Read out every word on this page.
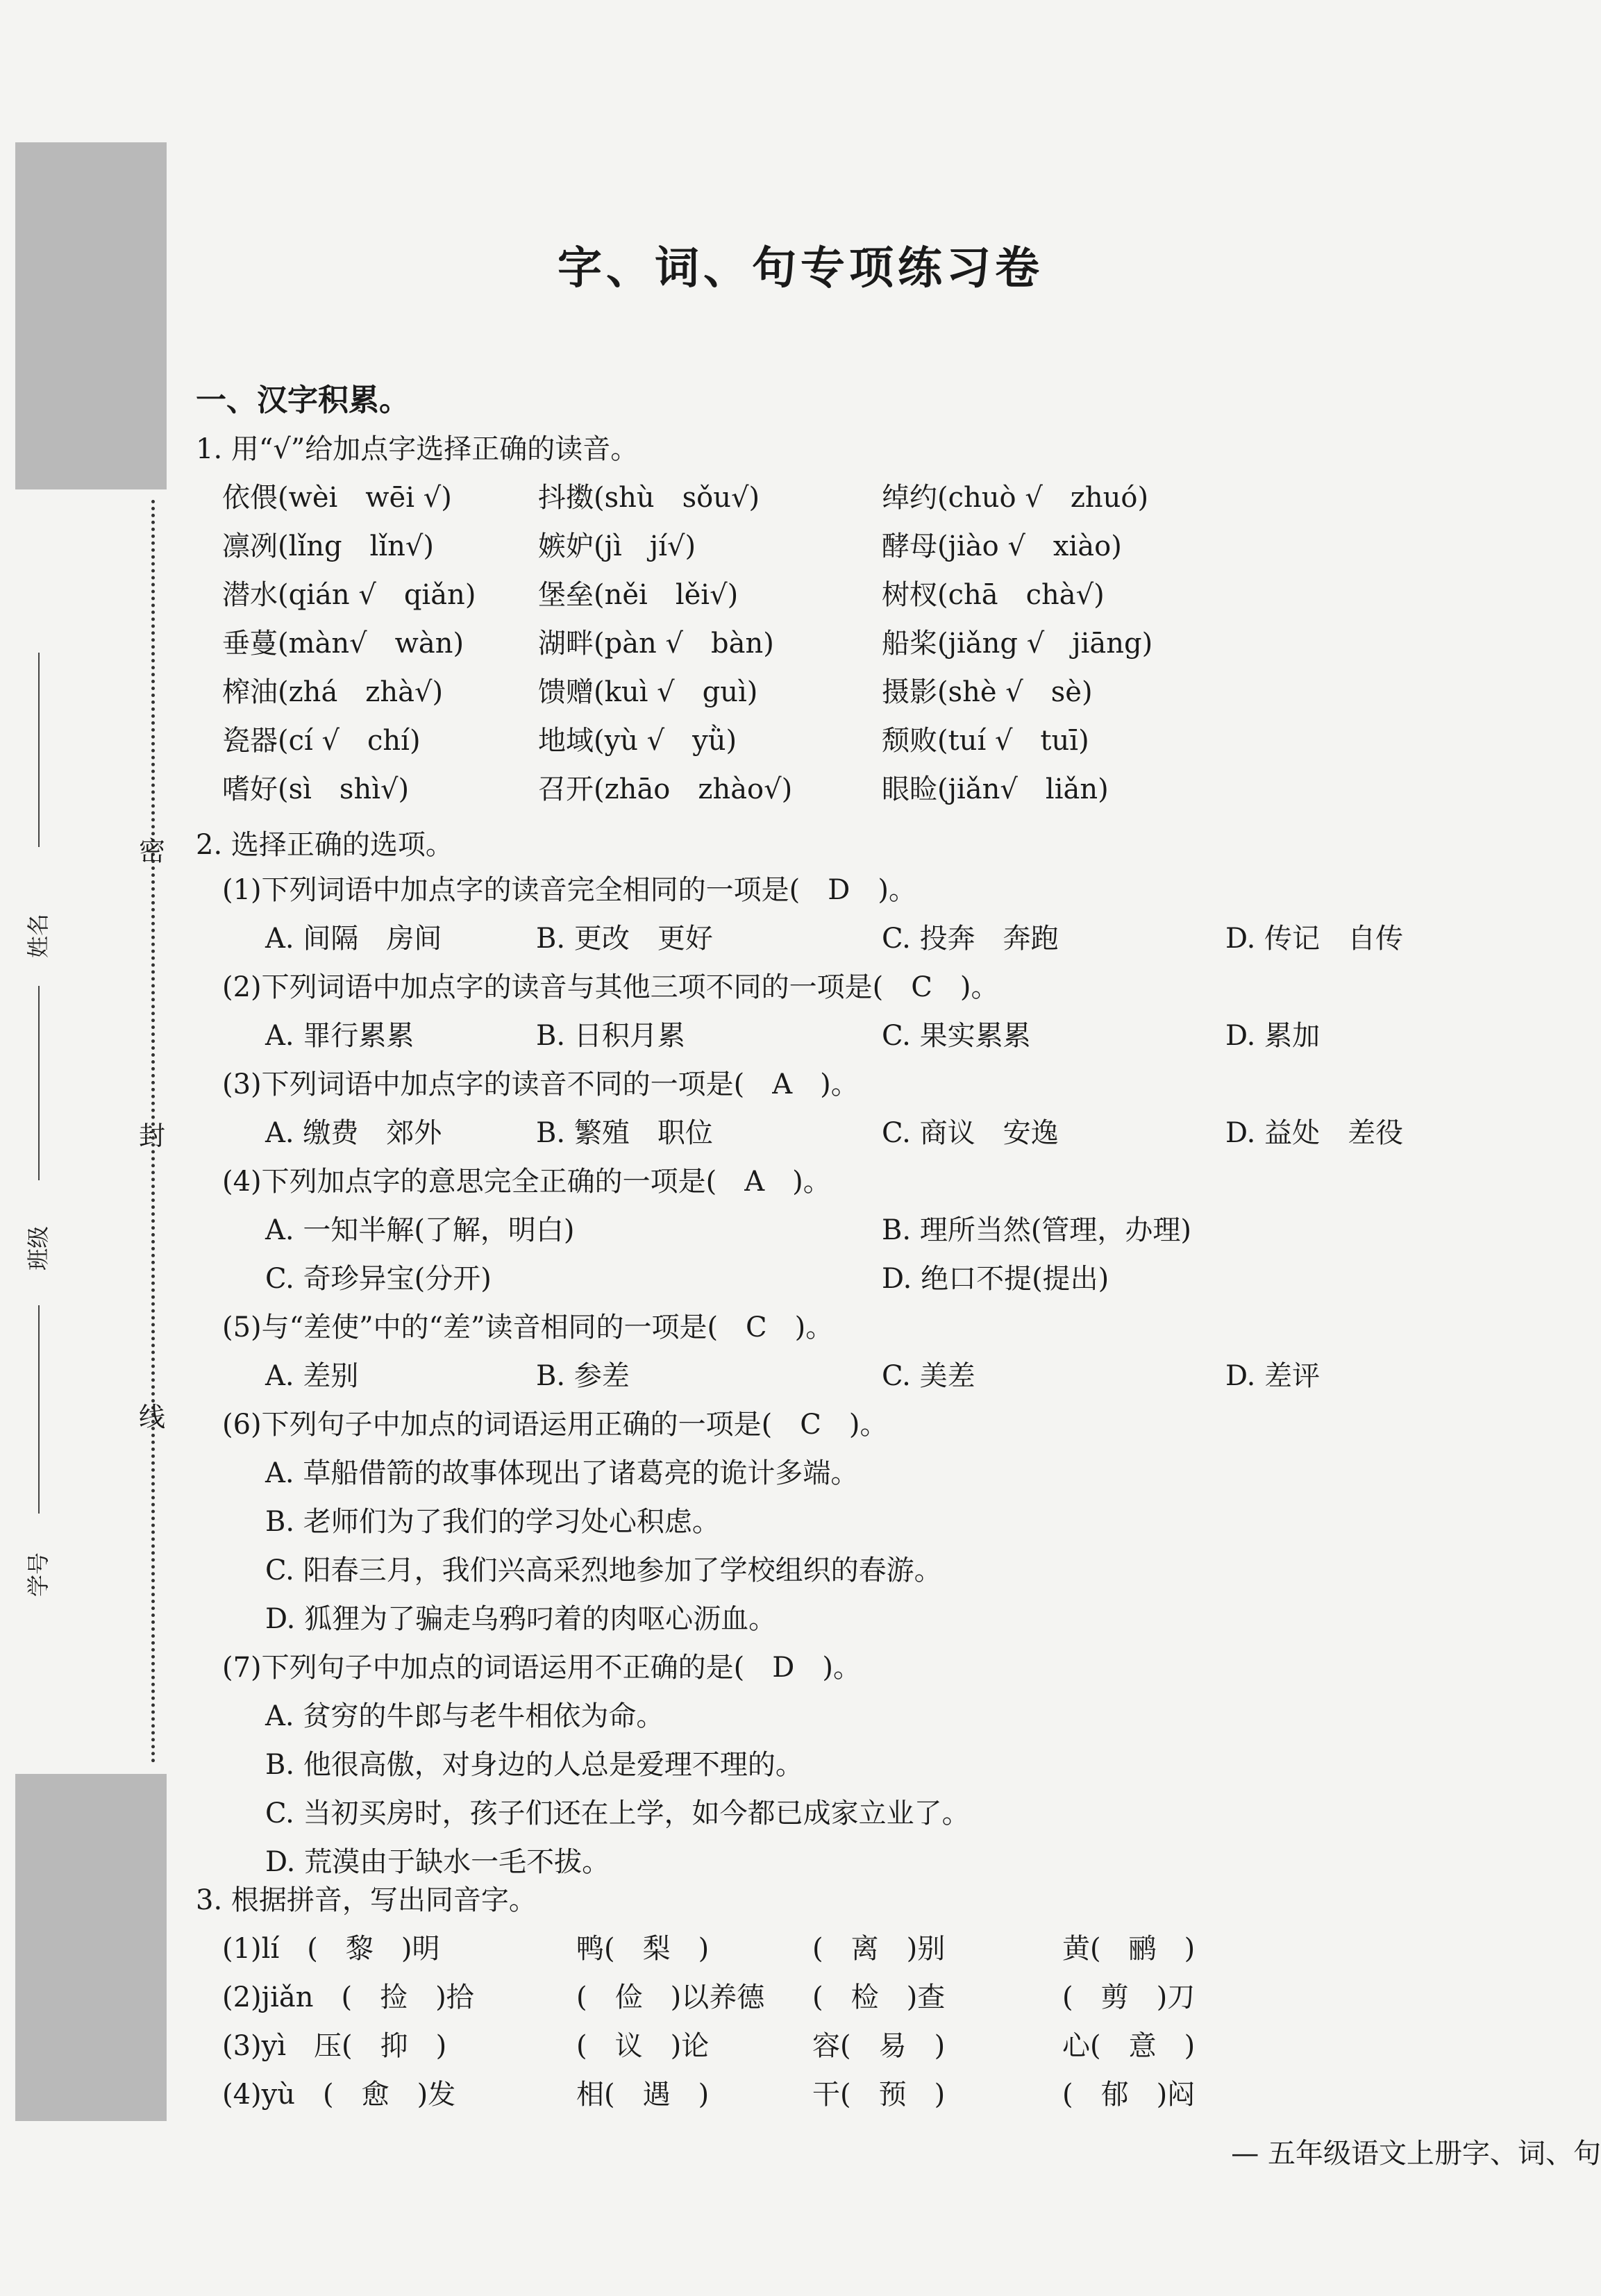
密
封
线
姓名
班级
学号
字、词、句专项练习卷
一、汉字积累。
1. 用“√”给加点字选择正确的读音。
依偎(wèi　wēi √)	抖擞(shù　sǒu√)	绰约(chuò √　zhuó)
凛冽(lǐng　lǐn√)	嫉妒(jì　jí√)	酵母(jiào √　xiào)
潜水(qián √　qiǎn) 堡垒(něi　lěi√)	树杈(chā　chà√)
垂蔓(màn√　wàn)	湖畔(pàn √　bàn)	船桨(jiǎng √　jiāng)
榨油(zhá　zhà√)	馈赠(kuì √　guì)	摄影(shè √　sè)
瓷器(cí √　chí)	地域(yù √　yǜ)	颓败(tuí √　tuī)
嗜好(sì　shì√)	召开(zhāo　zhào√)	眼睑(jiǎn√　liǎn)
2. 选择正确的选项。
(1)下列词语中加点字的读音完全相同的一项是(　D　)。
A. 间隔　房间	B. 更改　更好	C. 投奔　奔跑	D. 传记　自传
(2)下列词语中加点字的读音与其他三项不同的一项是(　C　)。
A. 罪行累累	B. 日积月累	C. 果实累累	D. 累加
(3)下列词语中加点字的读音不同的一项是(　A　)。
A. 缴费　郊外	B. 繁殖　职位	C. 商议　安逸	D. 益处　差役
(4)下列加点字的意思完全正确的一项是(　A　)。
A. 一知半解(了解，明白)	B. 理所当然(管理，办理)
C. 奇珍异宝(分开)	D. 绝口不提(提出)
(5)与“差使”中的“差”读音相同的一项是(　C　)。
A. 差别	B. 参差	C. 美差	D. 差评
(6)下列句子中加点的词语运用正确的一项是(　C　)。
A. 草船借箭的故事体现出了诸葛亮的诡计多端。
B. 老师们为了我们的学习处心积虑。
C. 阳春三月，我们兴高采烈地参加了学校组织的春游。
D. 狐狸为了骗走乌鸦叼着的肉呕心沥血。
(7)下列句子中加点的词语运用不正确的是(　D　)。
A. 贫穷的牛郎与老牛相依为命。
B. 他很高傲，对身边的人总是爱理不理的。
C. 当初买房时，孩子们还在上学，如今都已成家立业了。
D. 荒漠由于缺水一毛不拔。
3. 根据拼音，写出同音字。
(1)lí　(　黎　)明	鸭(　梨　)	(　离　)别	黄(　鹂　)
(2)jiǎn　(　捡　)拾	(　俭　)以养德 (　检　)查	(　剪　)刀
(3)yì　压(　抑　)	(　议　)论	容(　易　)	心(　意　)
(4)yù　(　愈　)发	相(　遇　)	干(　预　)	(　郁　)闷
— 五年级语文上册字、词、句
